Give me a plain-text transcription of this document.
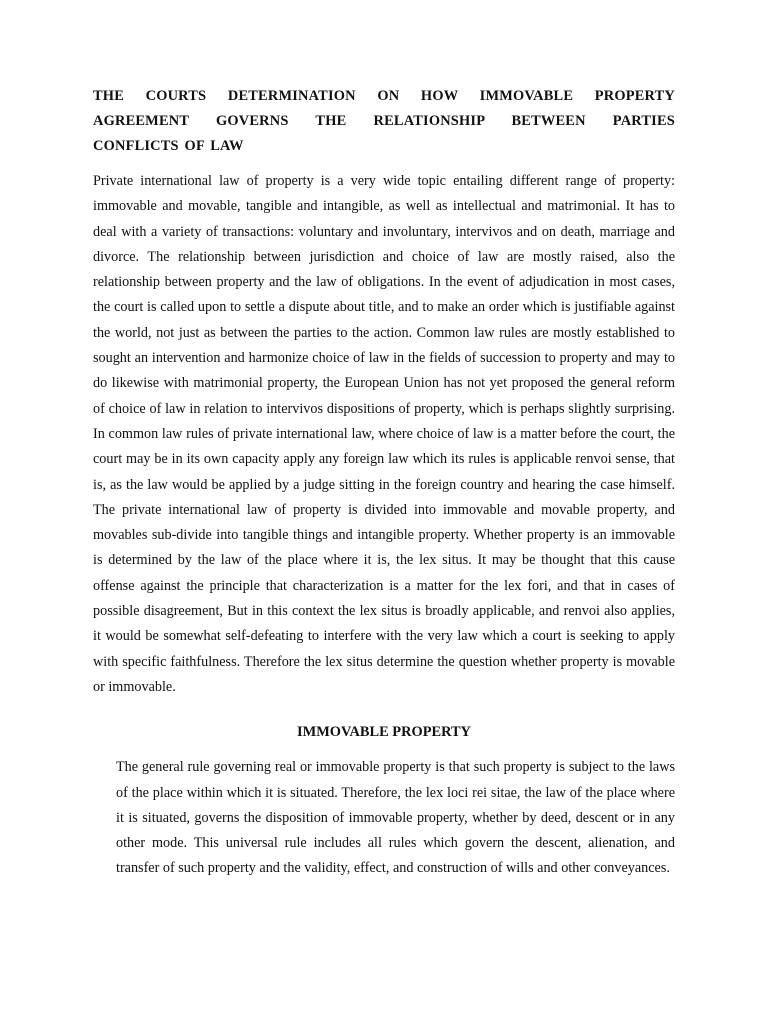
THE COURTS DETERMINATION ON HOW IMMOVABLE PROPERTY
AGREEMENT GOVERNS THE RELATIONSHIP BETWEEN PARTIES
CONFLICTS OF LAW

Private international law of property is a very wide topic entailing different range of property: immovable and movable, tangible and intangible, as well as intellectual and matrimonial. It has to deal with a variety of transactions: voluntary and involuntary, intervivos and on death, marriage and divorce. The relationship between jurisdiction and choice of law are mostly raised, also the relationship between property and the law of obligations. In the event of adjudication in most cases, the court is called upon to settle a dispute about title, and to make an order which is justifiable against the world, not just as between the parties to the action. Common law rules are mostly established to sought an intervention and harmonize choice of law in the fields of succession to property and may to do likewise with matrimonial property, the European Union has not yet proposed the general reform of choice of law in relation to intervivos dispositions of property, which is perhaps slightly surprising. In common law rules of private international law, where choice of law is a matter before the court, the court may be in its own capacity apply any foreign law which its rules is applicable renvoi sense, that is, as the law would be applied by a judge sitting in the foreign country and hearing the case himself. The private international law of property is divided into immovable and movable property, and movables sub-divide into tangible things and intangible property. Whether property is an immovable is determined by the law of the place where it is, the lex situs. It may be thought that this cause offense against the principle that characterization is a matter for the lex fori, and that in cases of possible disagreement, But in this context the lex situs is broadly applicable, and renvoi also applies, it would be somewhat self-defeating to interfere with the very law which a court is seeking to apply with specific faithfulness. Therefore the lex situs determine the question whether property is movable or immovable.

IMMOVABLE PROPERTY

The general rule governing real or immovable property is that such property is subject to the laws of the place within which it is situated. Therefore, the lex loci rei sitae, the law of the place where it is situated, governs the disposition of immovable property, whether by deed, descent or in any other mode. This universal rule includes all rules which govern the descent, alienation, and transfer of such property and the validity, effect, and construction of wills and other conveyances.
